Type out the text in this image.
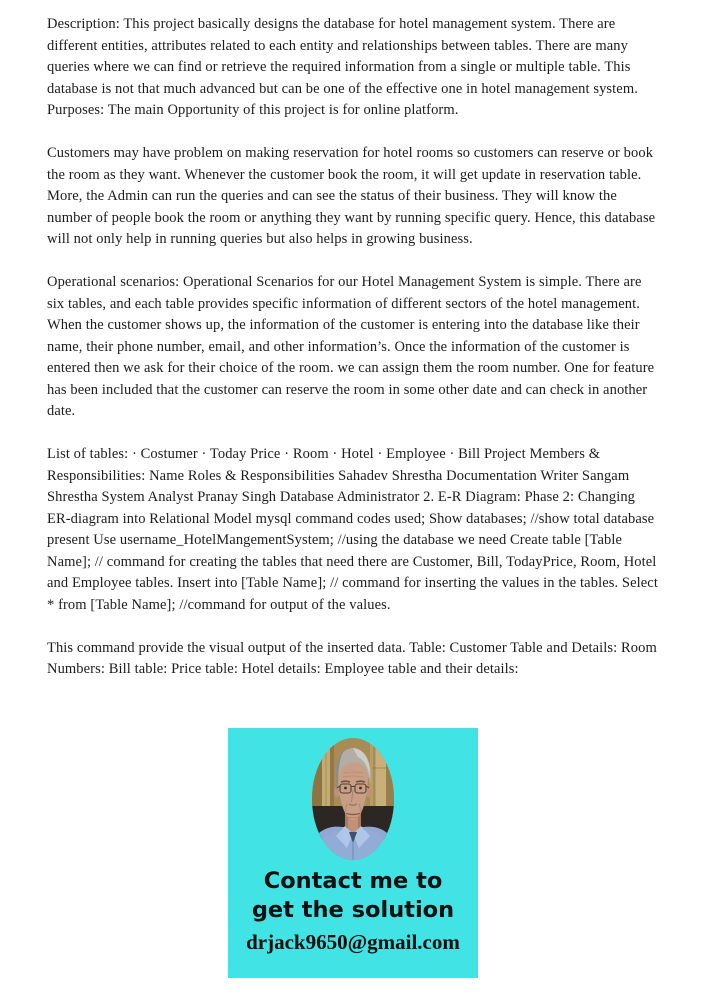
Description: This project basically designs the database for hotel management system. There are different entities, attributes related to each entity and relationships between tables. There are many queries where we can find or retrieve the required information from a single or multiple table. This database is not that much advanced but can be one of the effective one in hotel management system. Purposes: The main Opportunity of this project is for online platform.

Customers may have problem on making reservation for hotel rooms so customers can reserve or book the room as they want. Whenever the customer book the room, it will get update in reservation table. More, the Admin can run the queries and can see the status of their business. They will know the number of people book the room or anything they want by running specific query. Hence, this database will not only help in running queries but also helps in growing business.

Operational scenarios: Operational Scenarios for our Hotel Management System is simple. There are six tables, and each table provides specific information of different sectors of the hotel management. When the customer shows up, the information of the customer is entering into the database like their name, their phone number, email, and other information’s. Once the information of the customer is entered then we ask for their choice of the room. we can assign them the room number. One for feature has been included that the customer can reserve the room in some other date and can check in another date.

List of tables: · Costumer · Today Price · Room · Hotel · Employee · Bill Project Members & Responsibilities: Name Roles & Responsibilities Sahadev Shrestha Documentation Writer Sangam Shrestha System Analyst Pranay Singh Database Administrator 2. E-R Diagram: Phase 2: Changing ER-diagram into Relational Model mysql command codes used; Show databases; //show total database present Use username_HotelMangementSystem; //using the database we need Create table [Table Name]; // command for creating the tables that need there are Customer, Bill, TodayPrice, Room, Hotel and Employee tables. Insert into [Table Name]; // command for inserting the values in the tables. Select * from [Table Name]; //command for output of the values.

This command provide the visual output of the inserted data. Table: Customer Table and Details: Room Numbers: Bill table: Price table: Hotel details: Employee table and their details:

Contact me to
get the solution
drjack9650@gmail.com
